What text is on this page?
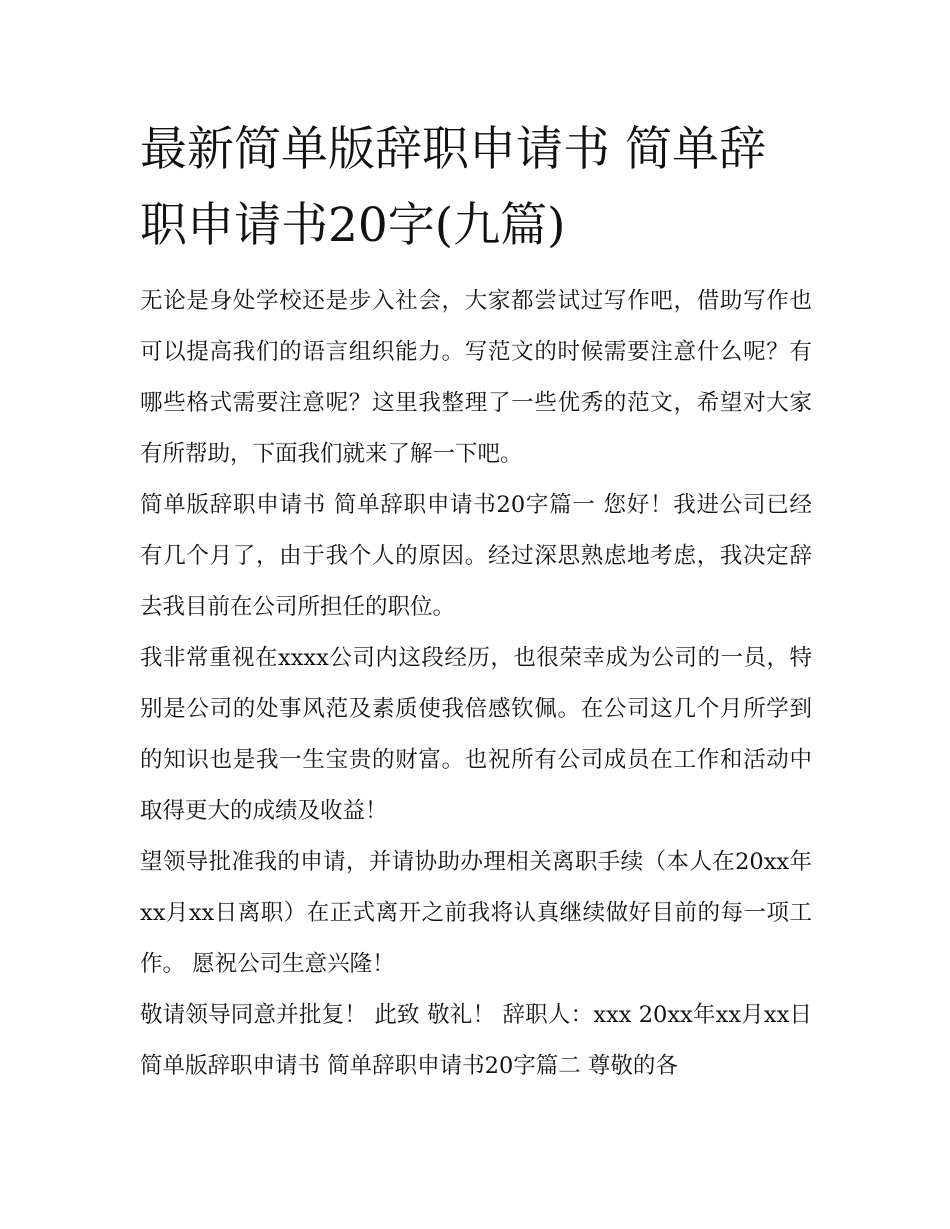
最新简单版辞职申请书 简单辞职申请书20字(九篇)

无论是身处学校还是步入社会，大家都尝试过写作吧，借助写作也可以提高我们的语言组织能力。写范文的时候需要注意什么呢？有哪些格式需要注意呢？这里我整理了一些优秀的范文，希望对大家有所帮助，下面我们就来了解一下吧。

简单版辞职申请书 简单辞职申请书20字篇一 您好！我进公司已经有几个月了，由于我个人的原因。经过深思熟虑地考虑，我决定辞去我目前在公司所担任的职位。

我非常重视在xxxx公司内这段经历，也很荣幸成为公司的一员，特别是公司的处事风范及素质使我倍感钦佩。在公司这几个月所学到的知识也是我一生宝贵的财富。也祝所有公司成员在工作和活动中取得更大的成绩及收益！

望领导批准我的申请，并请协助办理相关离职手续（本人在20xx年xx月xx日离职）在正式离开之前我将认真继续做好目前的每一项工作。 愿祝公司生意兴隆！

敬请领导同意并批复！ 此致 敬礼！ 辞职人：xxx 20xx年xx月xx日 简单版辞职申请书 简单辞职申请书20字篇二 尊敬的各
